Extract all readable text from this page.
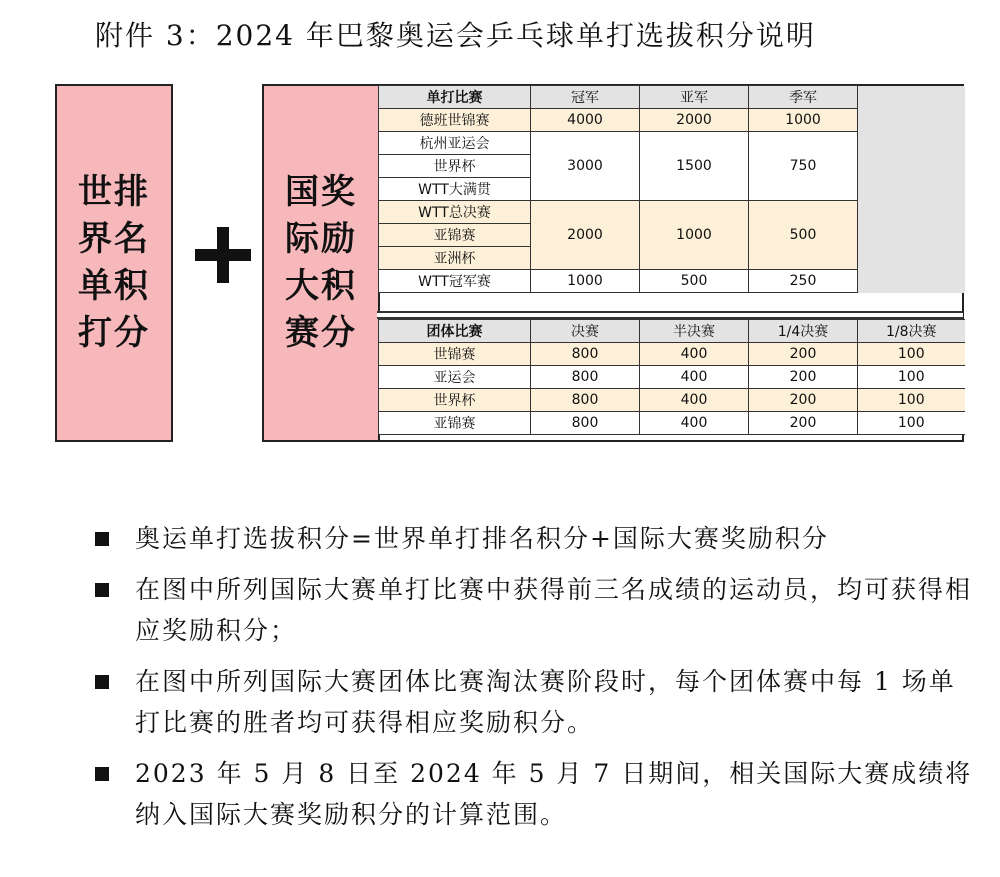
附件 3：2024 年巴黎奥运会乒乓球单打选拔积分说明
世排界名单积打分
国奖际励大积赛分
单打比赛	冠军	亚军	季军	
德班世锦赛	4000	2000	1000	
杭州亚运会	3000	1500	750	
世界杯				
WTT大满贯				
WTT总决赛	2000	1000	500	
亚锦赛				
亚洲杯				
WTT冠军赛	1000	500	250	
团体比赛	决赛	半决赛	1/4决赛	1/8决赛
世锦赛	800	400	200	100
亚运会	800	400	200	100
世界杯	800	400	200	100
亚锦赛	800	400	200	100
奥运单打选拔积分=世界单打排名积分+国际大赛奖励积分
在图中所列国际大赛单打比赛中获得前三名成绩的运动员，均可获得相应奖励积分；
在图中所列国际大赛团体比赛淘汰赛阶段时，每个团体赛中每 1 场单打比赛的胜者均可获得相应奖励积分。
2023 年 5 月 8 日至 2024 年 5 月 7 日期间，相关国际大赛成绩将纳入国际大赛奖励积分的计算范围。
